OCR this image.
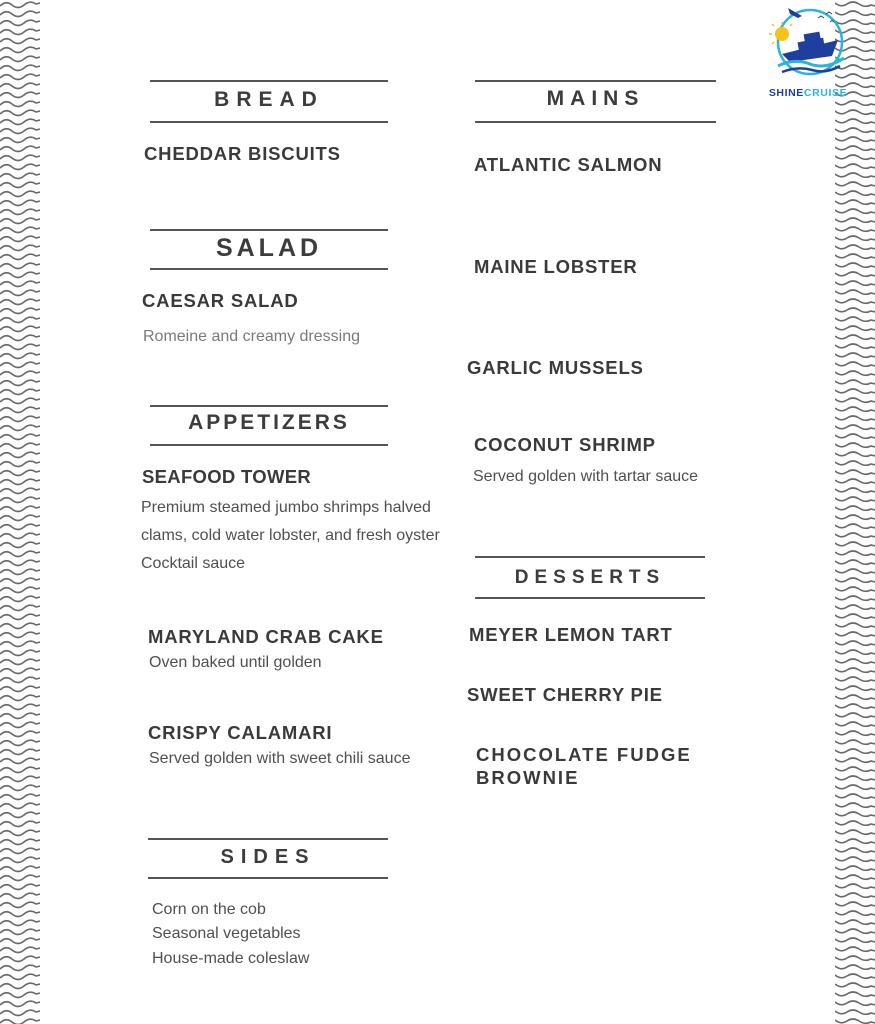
SHINECRUISE
BREAD
CHEDDAR BISCUITS
SALAD
CAESAR SALAD
Romeine and creamy dressing
APPETIZERS
SEAFOOD TOWER
Premium steamed jumbo shrimps halved
clams, cold water lobster, and fresh oyster
Cocktail sauce
MARYLAND CRAB CAKE
Oven baked until golden
CRISPY CALAMARI
Served golden with sweet chili sauce
SIDES
Corn on the cob
Seasonal vegetables
House-made coleslaw
MAINS
ATLANTIC SALMON
MAINE LOBSTER
GARLIC MUSSELS
COCONUT SHRIMP
Served golden with tartar sauce
DESSERTS
MEYER LEMON TART
SWEET CHERRY PIE
CHOCOLATE FUDGE
BROWNIE
